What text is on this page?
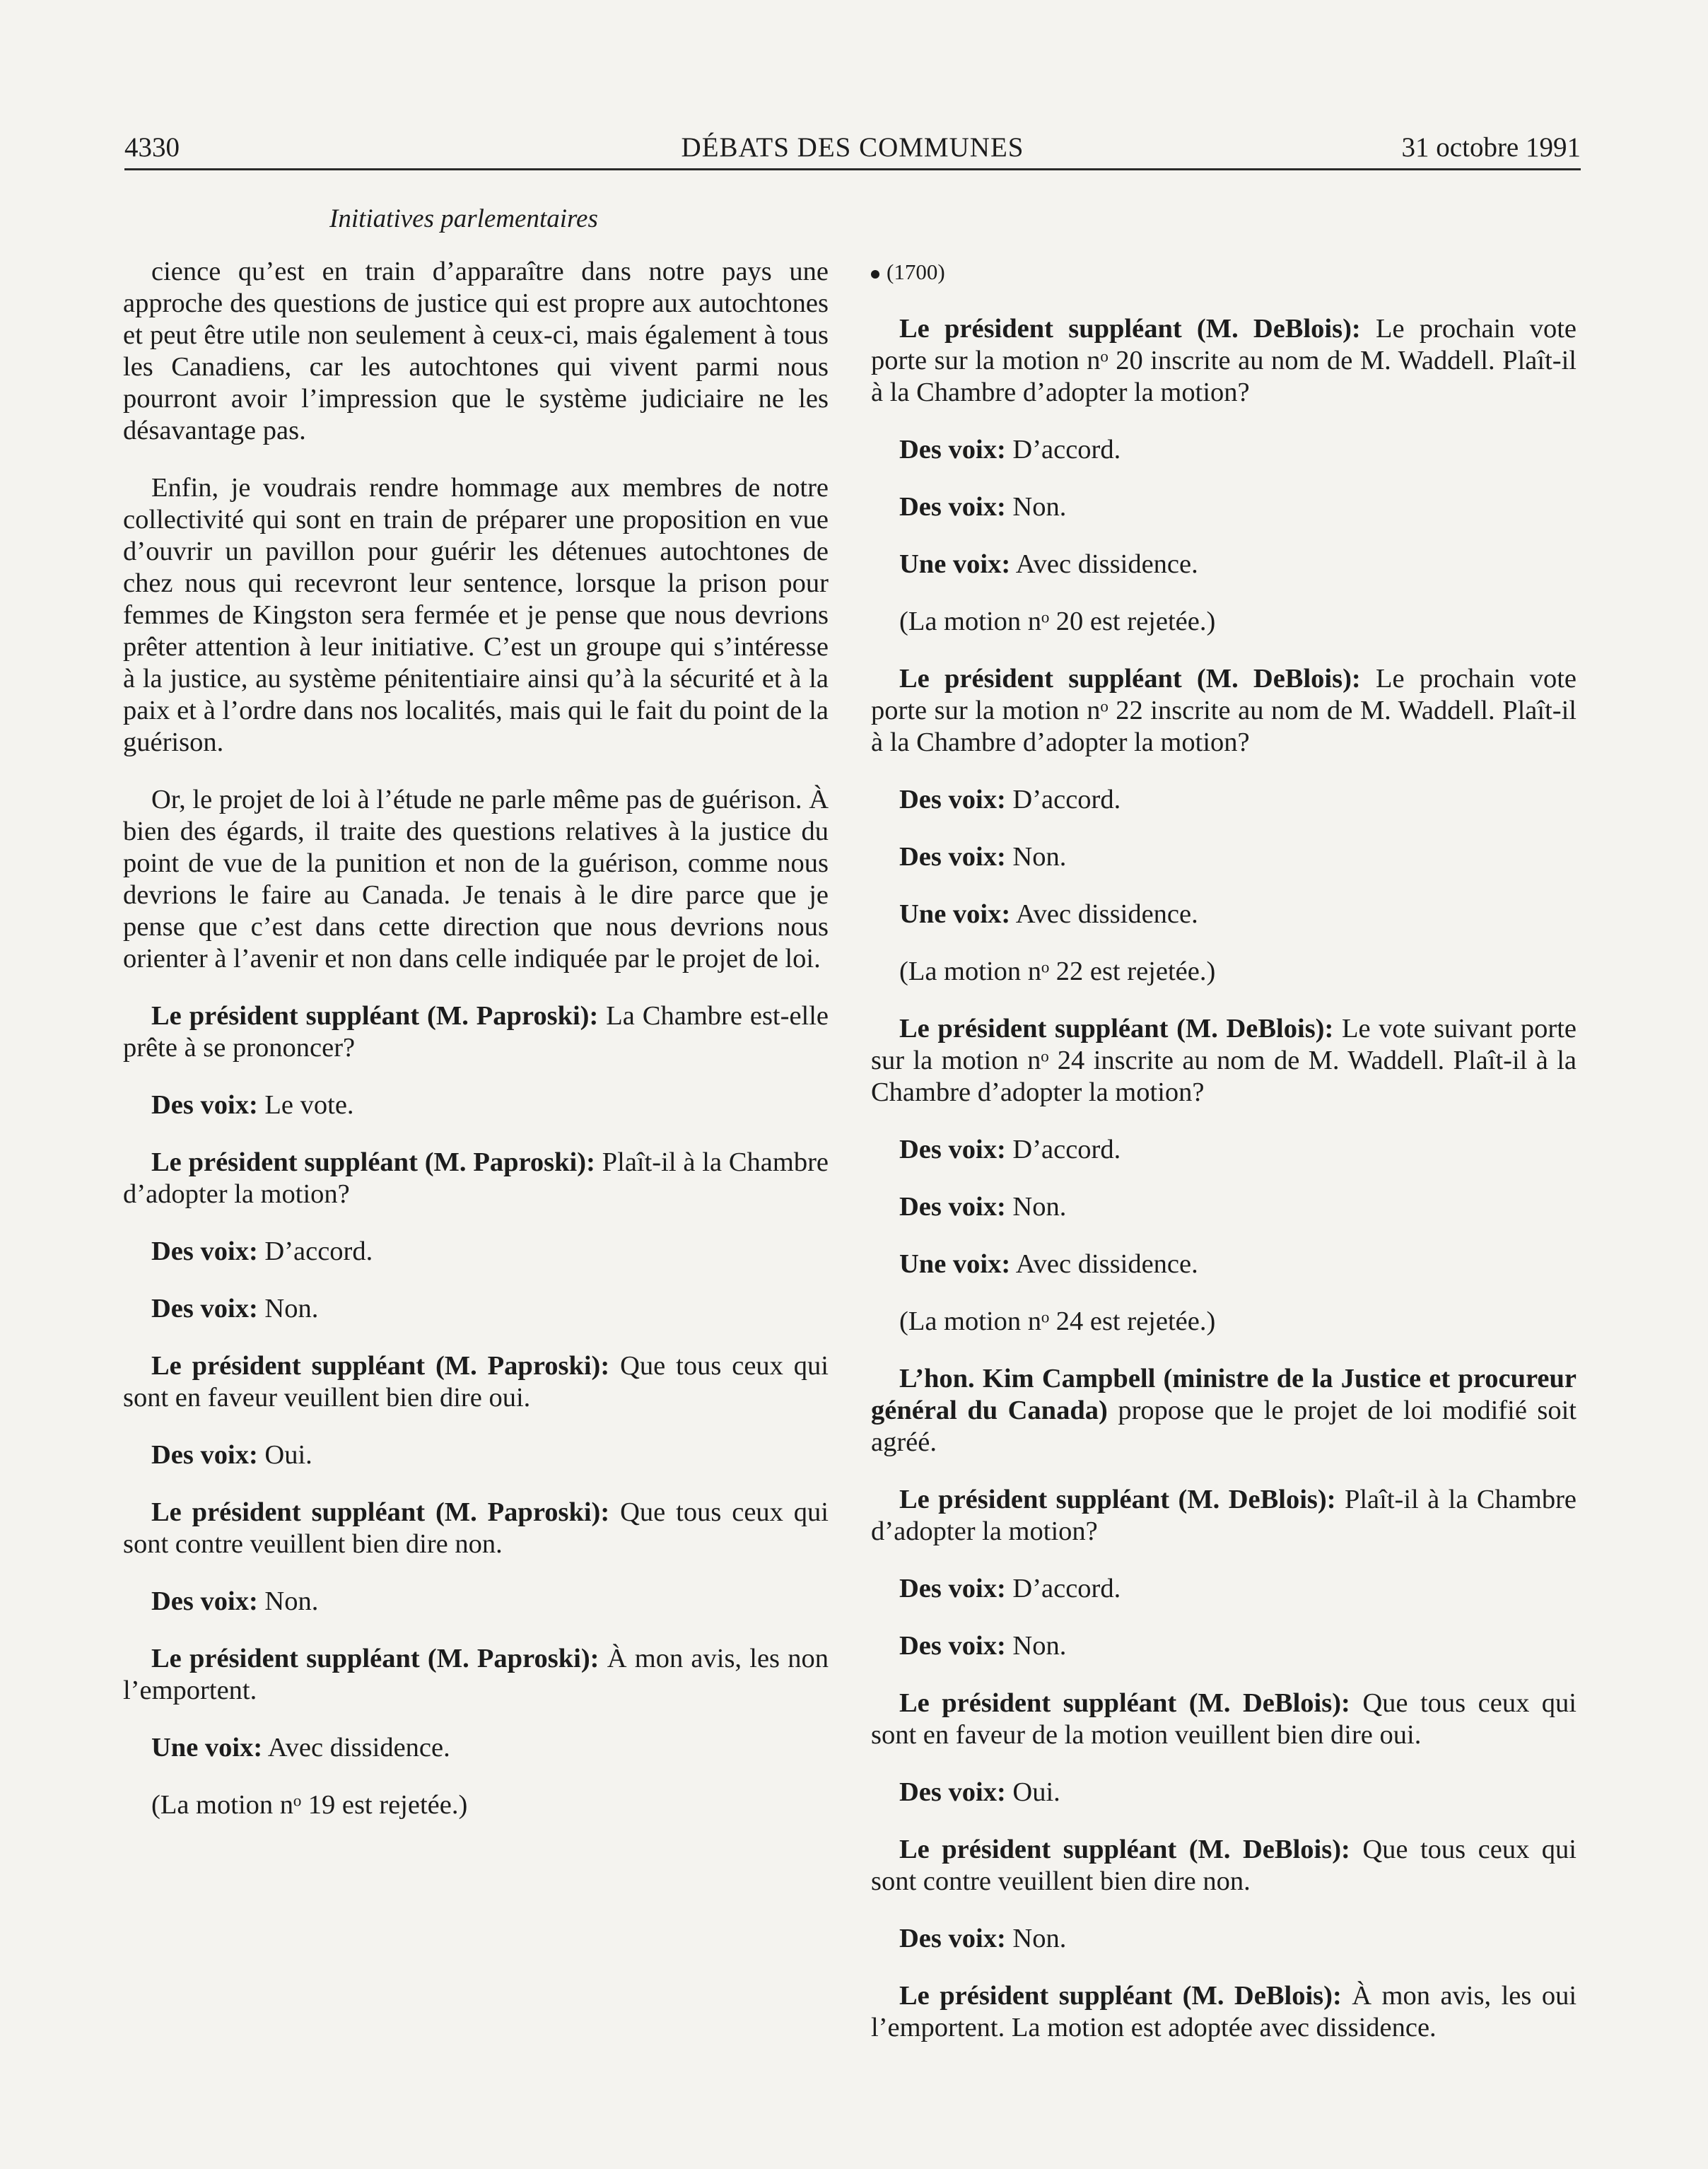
4330	DÉBATS DES COMMUNES	31 octobre 1991
Initiatives parlementaires

cience qu’est en train d’apparaître dans notre pays une approche des questions de justice qui est propre aux autochtones et peut être utile non seulement à ceux-ci, mais également à tous les Canadiens, car les autochtones qui vivent parmi nous pourront avoir l’impression que le système judiciaire ne les désavantage pas.

Enfin, je voudrais rendre hommage aux membres de notre collectivité qui sont en train de préparer une proposition en vue d’ouvrir un pavillon pour guérir les détenues autochtones de chez nous qui recevront leur sentence, lorsque la prison pour femmes de Kingston sera fermée et je pense que nous devrions prêter attention à leur initiative. C’est un groupe qui s’intéresse à la justice, au système pénitentiaire ainsi qu’à la sécurité et à la paix et à l’ordre dans nos localités, mais qui le fait du point de la guérison.

Or, le projet de loi à l’étude ne parle même pas de guérison. À bien des égards, il traite des questions relatives à la justice du point de vue de la punition et non de la guérison, comme nous devrions le faire au Canada. Je tenais à le dire parce que je pense que c’est dans cette direction que nous devrions nous orienter à l’avenir et non dans celle indiquée par le projet de loi.

Le président suppléant (M. Paproski): La Chambre est-elle prête à se prononcer?

Des voix: Le vote.

Le président suppléant (M. Paproski): Plaît-il à la Chambre d’adopter la motion?

Des voix: D’accord.

Des voix: Non.

Le président suppléant (M. Paproski): Que tous ceux qui sont en faveur veuillent bien dire oui.

Des voix: Oui.

Le président suppléant (M. Paproski): Que tous ceux qui sont contre veuillent bien dire non.

Des voix: Non.

Le président suppléant (M. Paproski): À mon avis, les non l’emportent.

Une voix: Avec dissidence.

(La motion nᵒ 19 est rejetée.)

(1700)

Le président suppléant (M. DeBlois): Le prochain vote porte sur la motion nᵒ 20 inscrite au nom de M. Waddell. Plaît-il à la Chambre d’adopter la motion?

Des voix: D’accord.

Des voix: Non.

Une voix: Avec dissidence.

(La motion nᵒ 20 est rejetée.)

Le président suppléant (M. DeBlois): Le prochain vote porte sur la motion nᵒ 22 inscrite au nom de M. Waddell. Plaît-il à la Chambre d’adopter la motion?

Des voix: D’accord.

Des voix: Non.

Une voix: Avec dissidence.

(La motion nᵒ 22 est rejetée.)

Le président suppléant (M. DeBlois): Le vote suivant porte sur la motion nᵒ 24 inscrite au nom de M. Waddell. Plaît-il à la Chambre d’adopter la motion?

Des voix: D’accord.

Des voix: Non.

Une voix: Avec dissidence.

(La motion nᵒ 24 est rejetée.)

L’hon. Kim Campbell (ministre de la Justice et procureur général du Canada) propose que le projet de loi modifié soit agréé.

Le président suppléant (M. DeBlois): Plaît-il à la Chambre d’adopter la motion?

Des voix: D’accord.

Des voix: Non.

Le président suppléant (M. DeBlois): Que tous ceux qui sont en faveur de la motion veuillent bien dire oui.

Des voix: Oui.

Le président suppléant (M. DeBlois): Que tous ceux qui sont contre veuillent bien dire non.

Des voix: Non.

Le président suppléant (M. DeBlois): À mon avis, les oui l’emportent. La motion est adoptée avec dissidence.
